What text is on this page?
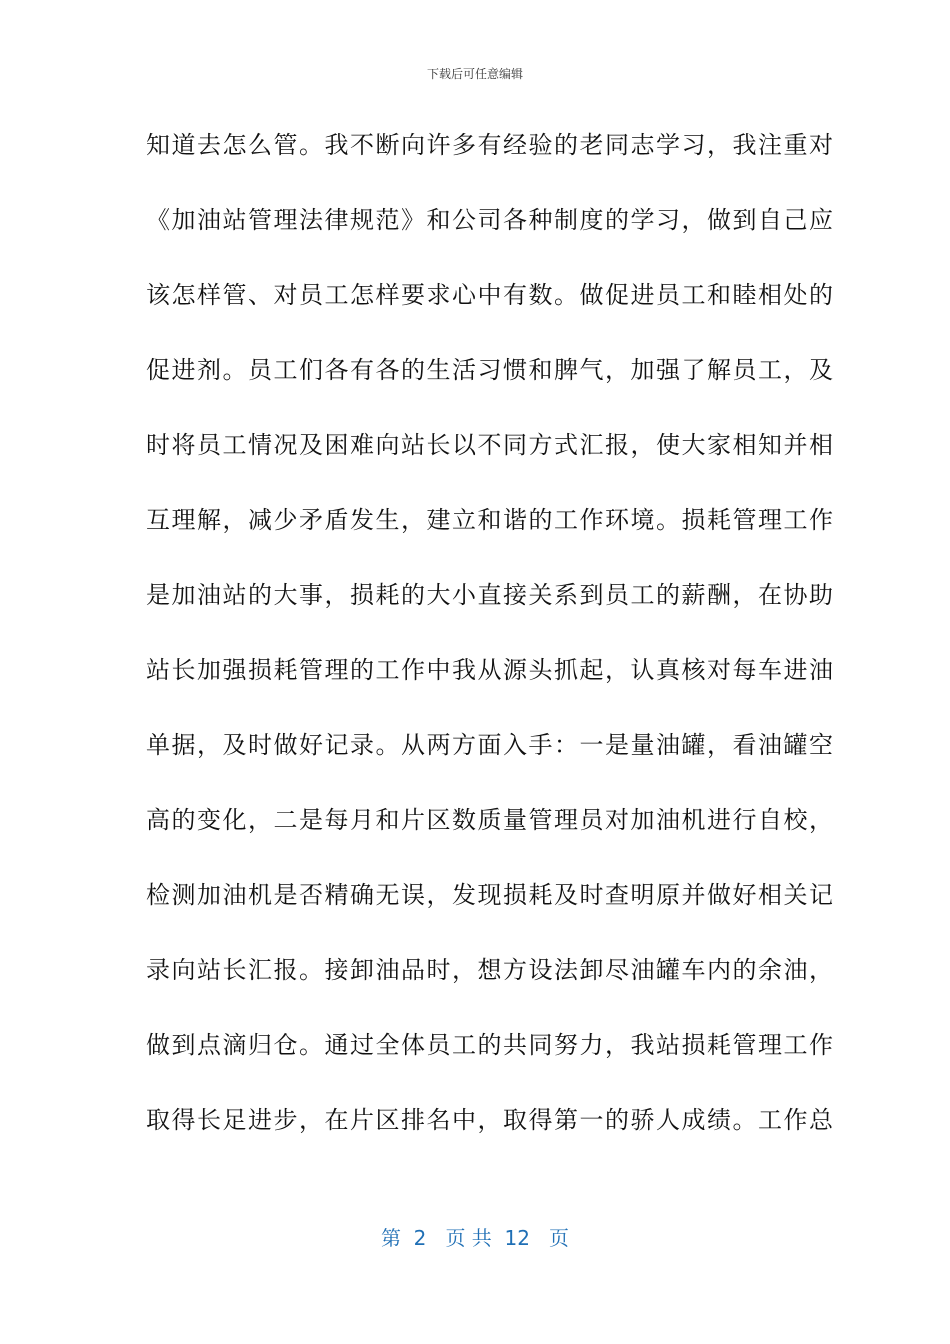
下载后可任意编辑
知道去怎么管。我不断向许多有经验的老同志学习，我注重对
《加油站管理法律规范》和公司各种制度的学习，做到自己应
该怎样管、对员工怎样要求心中有数。做促进员工和睦相处的
促进剂。员工们各有各的生活习惯和脾气，加强了解员工，及
时将员工情况及困难向站长以不同方式汇报，使大家相知并相
互理解，减少矛盾发生，建立和谐的工作环境。损耗管理工作
是加油站的大事，损耗的大小直接关系到员工的薪酬，在协助
站长加强损耗管理的工作中我从源头抓起，认真核对每车进油
单据，及时做好记录。从两方面入手：一是量油罐，看油罐空
高的变化，二是每月和片区数质量管理员对加油机进行自校，
检测加油机是否精确无误，发现损耗及时查明原并做好相关记
录向站长汇报。接卸油品时，想方设法卸尽油罐车内的余油，
做到点滴归仓。通过全体员工的共同努力，我站损耗管理工作
取得长足进步，在片区排名中，取得第一的骄人成绩。工作总
第  2   页 共  12   页
